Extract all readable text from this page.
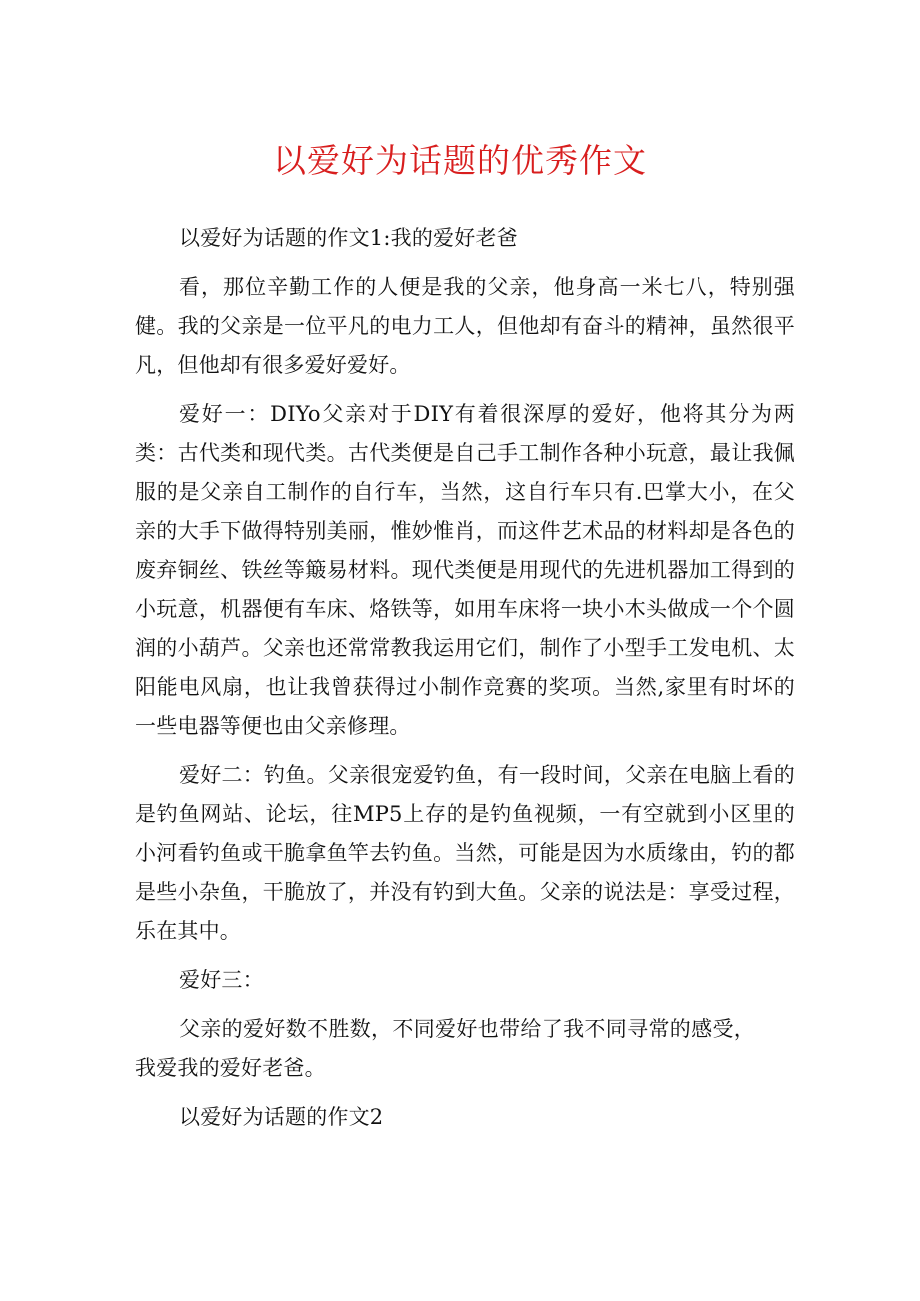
以爱好为话题的优秀作文

以爱好为话题的作文1:我的爱好老爸

看，那位辛勤工作的人便是我的父亲，他身高一米七八，特别强健。我的父亲是一位平凡的电力工人，但他却有奋斗的精神，虽然很平凡，但他却有很多爱好爱好。

爱好一：DIYo父亲对于DIY有着很深厚的爱好，他将其分为两类：古代类和现代类。古代类便是自己手工制作各种小玩意，最让我佩服的是父亲自工制作的自行车，当然，这自行车只有.巴掌大小，在父亲的大手下做得特别美丽，惟妙惟肖，而这件艺术品的材料却是各色的废弃铜丝、铁丝等簸易材料。现代类便是用现代的先进机器加工得到的小玩意，机器便有车床、烙铁等，如用车床将一块小木头做成一个个圆润的小葫芦。父亲也还常常教我运用它们，制作了小型手工发电机、太阳能电风扇，也让我曾获得过小制作竞赛的奖项。当然,家里有时坏的一些电器等便也由父亲修理。

爱好二：钓鱼。父亲很宠爱钓鱼，有一段时间，父亲在电脑上看的是钓鱼网站、论坛，往MP5上存的是钓鱼视频，一有空就到小区里的小河看钓鱼或干脆拿鱼竿去钓鱼。当然，可能是因为水质缘由，钓的都是些小杂鱼，干脆放了，并没有钓到大鱼。父亲的说法是：享受过程，乐在其中。

爱好三：

父亲的爱好数不胜数，不同爱好也带给了我不同寻常的感受，我爱我的爱好老爸。

以爱好为话题的作文2
